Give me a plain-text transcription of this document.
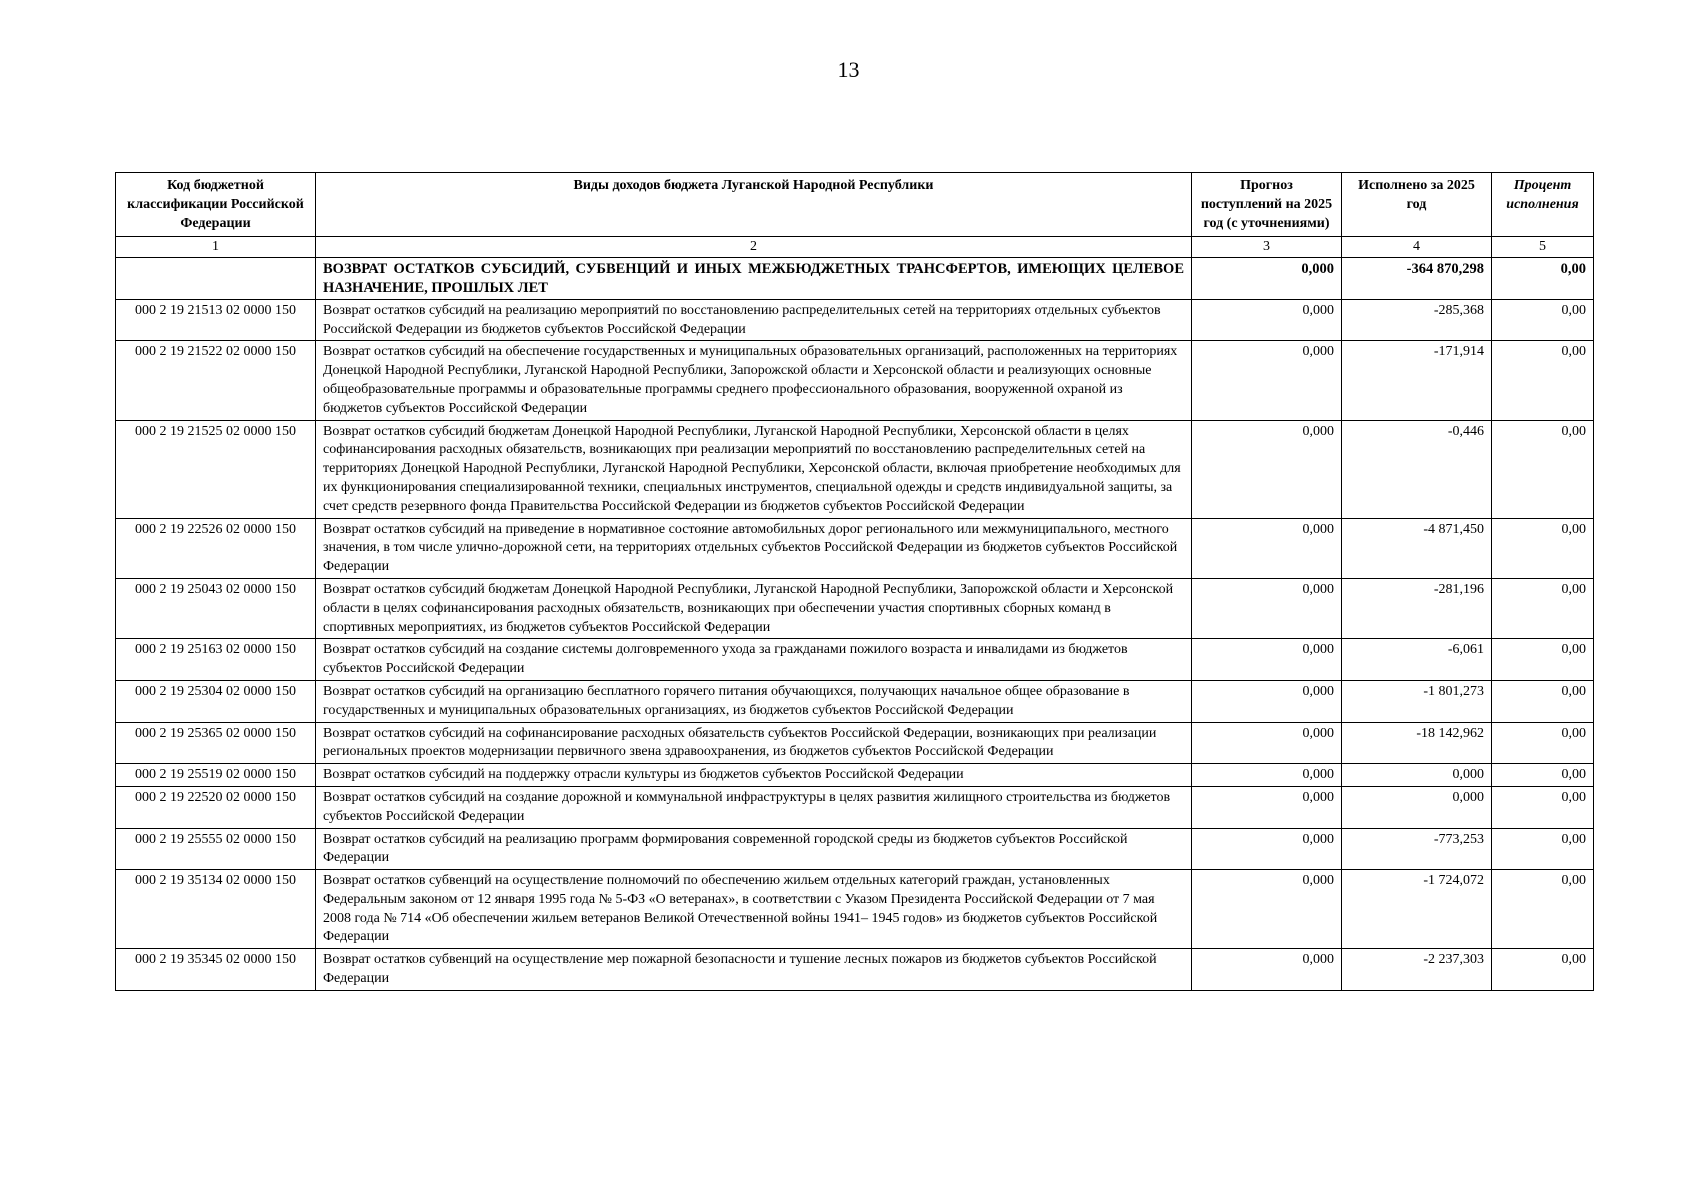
13
Код бюджетной классификации Российской Федерации	Виды доходов бюджета Луганской Народной Республики	Прогноз поступлений на 2025 год (с уточнениями)	Исполнено за 2025 год	Процент исполнения
1	2	3	4	5
	ВОЗВРАТ ОСТАТКОВ СУБСИДИЙ, СУБВЕНЦИЙ И ИНЫХ МЕЖБЮДЖЕТНЫХ ТРАНСФЕРТОВ, ИМЕЮЩИХ ЦЕЛЕВОЕ НАЗНАЧЕНИЕ, ПРОШЛЫХ ЛЕТ	0,000	-364 870,298	0,00
000 2 19 21513 02 0000 150	Возврат остатков субсидий на реализацию мероприятий по восстановлению распределительных сетей на территориях отдельных субъектов Российской Федерации из бюджетов субъектов Российской Федерации	0,000	-285,368	0,00
000 2 19 21522 02 0000 150	Возврат остатков субсидий на обеспечение государственных и муниципальных образовательных организаций, расположенных на территориях Донецкой Народной Республики, Луганской Народной Республики, Запорожской области и Херсонской области и реализующих основные общеобразовательные программы и образовательные программы среднего профессионального образования, вооруженной охраной из бюджетов субъектов Российской Федерации	0,000	-171,914	0,00
000 2 19 21525 02 0000 150	Возврат остатков субсидий бюджетам Донецкой Народной Республики, Луганской Народной Республики, Херсонской области в целях софинансирования расходных обязательств, возникающих при реализации мероприятий по восстановлению распределительных сетей на территориях Донецкой Народной Республики, Луганской Народной Республики, Херсонской области, включая приобретение необходимых для их функционирования специализированной техники, специальных инструментов, специальной одежды и средств индивидуальной защиты, за счет средств резервного фонда Правительства Российской Федерации из бюджетов субъектов Российской Федерации	0,000	-0,446	0,00
000 2 19 22526 02 0000 150	Возврат остатков субсидий на приведение в нормативное состояние автомобильных дорог регионального или межмуниципального, местного значения, в том числе улично-дорожной сети, на территориях отдельных субъектов Российской Федерации из бюджетов субъектов Российской Федерации	0,000	-4 871,450	0,00
000 2 19 25043 02 0000 150	Возврат остатков субсидий бюджетам Донецкой Народной Республики, Луганской Народной Республики, Запорожской области и Херсонской области в целях софинансирования расходных обязательств, возникающих при обеспечении участия спортивных сборных команд в спортивных мероприятиях, из бюджетов субъектов Российской Федерации	0,000	-281,196	0,00
000 2 19 25163 02 0000 150	Возврат остатков субсидий на создание системы долговременного ухода за гражданами пожилого возраста и инвалидами из бюджетов субъектов Российской Федерации	0,000	-6,061	0,00
000 2 19 25304 02 0000 150	Возврат остатков субсидий на организацию бесплатного горячего питания обучающихся, получающих начальное общее образование в государственных и муниципальных образовательных организациях, из бюджетов субъектов Российской Федерации	0,000	-1 801,273	0,00
000 2 19 25365 02 0000 150	Возврат остатков субсидий на софинансирование расходных обязательств субъектов Российской Федерации, возникающих при реализации региональных проектов модернизации первичного звена здравоохранения, из бюджетов субъектов Российской Федерации	0,000	-18 142,962	0,00
000 2 19 25519 02 0000 150	Возврат остатков субсидий на поддержку отрасли культуры из бюджетов субъектов Российской Федерации	0,000	0,000	0,00
000 2 19 22520 02 0000 150	Возврат остатков субсидий на создание дорожной и коммунальной инфраструктуры в целях развития жилищного строительства из бюджетов субъектов Российской Федерации	0,000	0,000	0,00
000 2 19 25555 02 0000 150	Возврат остатков субсидий на реализацию программ формирования современной городской среды из бюджетов субъектов Российской Федерации	0,000	-773,253	0,00
000 2 19 35134 02 0000 150	Возврат остатков субвенций на осуществление полномочий по обеспечению жильем отдельных категорий граждан, установленных Федеральным законом от 12 января 1995 года № 5-ФЗ «О ветеранах», в соответствии с Указом Президента Российской Федерации от 7 мая 2008 года № 714 «Об обеспечении жильем ветеранов Великой Отечественной войны 1941– 1945 годов» из бюджетов субъектов Российской Федерации	0,000	-1 724,072	0,00
000 2 19 35345 02 0000 150	Возврат остатков субвенций на осуществление мер пожарной безопасности и тушение лесных пожаров из бюджетов субъектов Российской Федерации	0,000	-2 237,303	0,00
